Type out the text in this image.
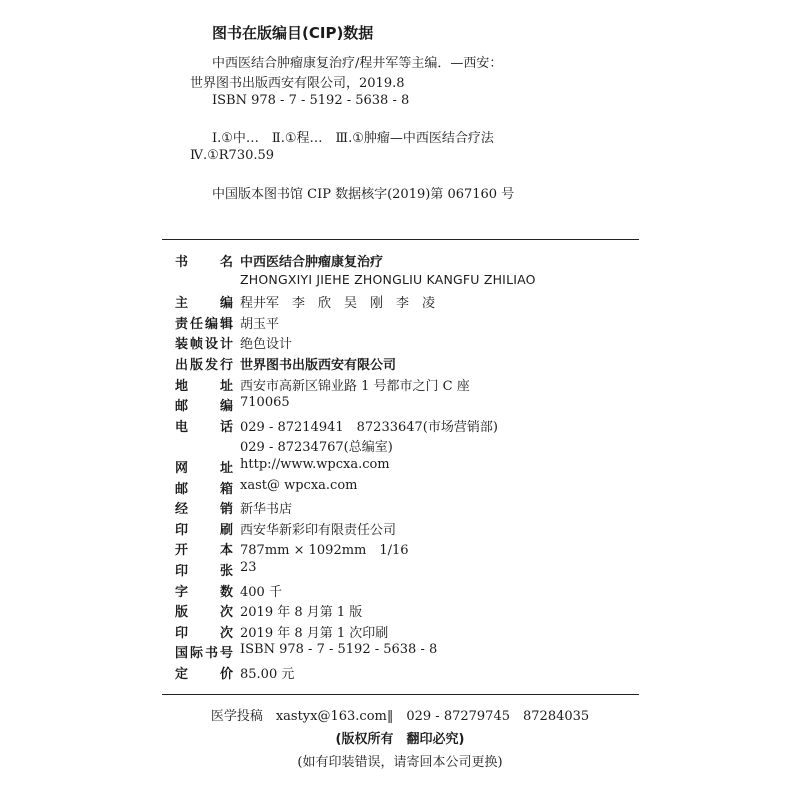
图书在版编目(CIP)数据
中西医结合肿瘤康复治疗/程井军等主编．—西安：
世界图书出版西安有限公司，2019.8
ISBN 978 - 7 - 5192 - 5638 - 8
Ⅰ.①中…　Ⅱ.①程…　Ⅲ.①肿瘤—中西医结合疗法
Ⅳ.①R730.59
中国版本图书馆 CIP 数据核字(2019)第 067160 号
书　名 中西医结合肿瘤康复治疗
ZHONGXIYI JIEHE ZHONGLIU KANGFU ZHILIAO
主　编 程井军　李　欣　吴　刚　李　凌
责任编辑 胡玉平
装帧设计 绝色设计
出版发行 世界图书出版西安有限公司
地　址 西安市高新区锦业路 1 号都市之门 C 座
邮　编 710065
电　话 029 - 87214941　87233647(市场营销部)
029 - 87234767(总编室)
网　址 http://www.wpcxa.com
邮　箱 xast@ wpcxa.com
经　销 新华书店
印　刷 西安华新彩印有限责任公司
开　本 787mm × 1092mm　1/16
印　张 23
字　数 400 千
版　次 2019 年 8 月第 1 版
印　次 2019 年 8 月第 1 次印刷
国际书号 ISBN 978 - 7 - 5192 - 5638 - 8
定　价 85.00 元
医学投稿　xastyx@163.com‖　029 - 87279745　87284035
(版权所有　翻印必究)
(如有印装错误，请寄回本公司更换)
